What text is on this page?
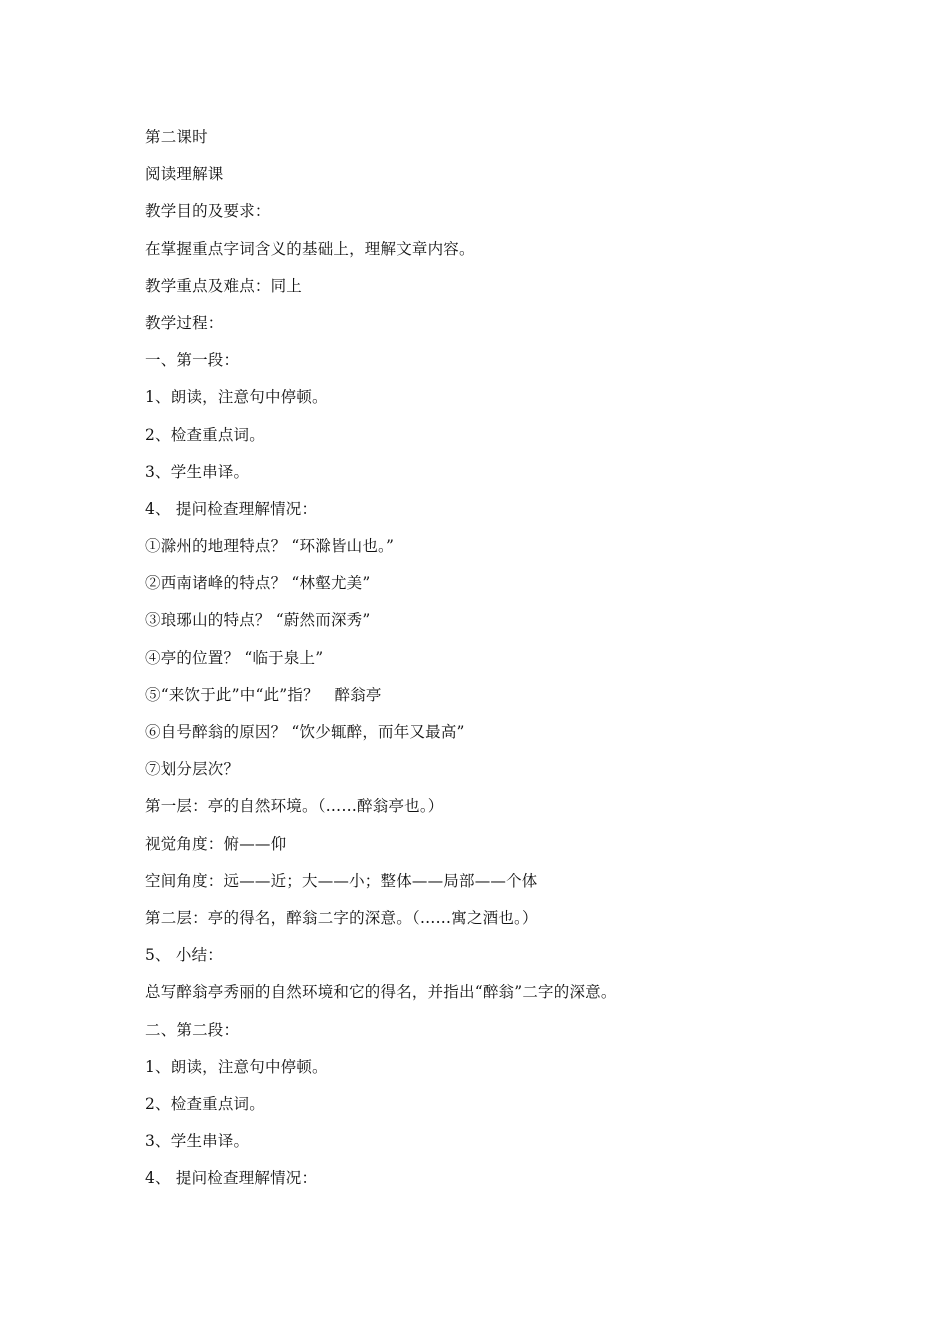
第二课时
阅读理解课
教学目的及要求：
在掌握重点字词含义的基础上，理解文章内容。
教学重点及难点：同上
教学过程：
一、第一段：
1、朗读，注意句中停顿。
2、检查重点词。
3、学生串译。
4、 提问检查理解情况：
①滁州的地理特点？ “环滁皆山也。”
②西南诸峰的特点？ “林壑尤美”
③琅琊山的特点？ “蔚然而深秀”
④亭的位置？ “临于泉上”
⑤“来饮于此”中“此”指？　醉翁亭
⑥自号醉翁的原因？ “饮少辄醉，而年又最高”
⑦划分层次？
第一层：亭的自然环境。（……醉翁亭也。）
视觉角度：俯——仰
空间角度：远——近；大——小；整体——局部——个体
第二层：亭的得名，醉翁二字的深意。（……寓之酒也。）
5、 小结：
总写醉翁亭秀丽的自然环境和它的得名，并指出“醉翁”二字的深意。
二、第二段：
1、朗读，注意句中停顿。
2、检查重点词。
3、学生串译。
4、 提问检查理解情况：
